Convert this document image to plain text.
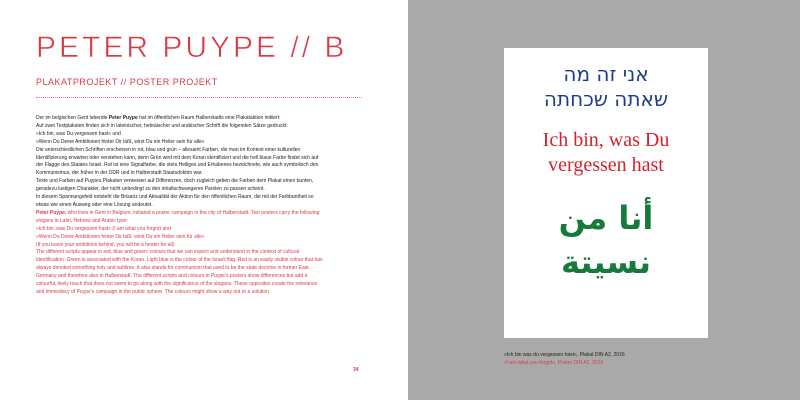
PETER PUYPE // B
PLAKATPROJEKT // POSTER PROJEKT

Der im belgischen Gent lebende Peter Puype hat im öffentlichen Raum Halberstadts eine Plakataktion initiiert:

Auf zwei Textplakaten finden sich in lateinischer, hebräischer und arabischer Schrift die folgenden Sätze gedruckt:

»Ich bin, was Du vergessen hast« und

»Wenn Du Deine Ambitionen hinter Dir läßt, wirst Du ein Heiler sein für alle«

Die unterschiedlichen Schriften erscheinen in rot, blau und grün – allesamt Farben, die man im Kontext einer kulturellen

Identifizierung erwarten oder verstehen kann, denn Grün wird mit dem Koran identifiziert und die hell blaue Farbe findet sich auf

der Flagge des Staates Israel. Rot ist eine Signalfarbe, die stets Heiliges und Erhabenes bezeichnete, wie auch symbolisch den

Kommunismus, der früher in der DDR und in Halberstadt Staatsdoktrin war.

Texte und Farben auf Puypes Plakaten verweisen auf Differenzen, doch zugleich geben die Farben dem Plakat einen bunten,

geradezu lustigen Charakter, der nicht unbedingt zu den inhaltschwangeren Parolen zu passen scheint.

In diesem Spannungsfeld entsteht die Brisanz und Aktualität der Aktion für den öffentlichen Raum, die mit der Farbbuntheit so

etwas wie einen Ausweg oder eine Lösung andeutet.

Peter Puype, who lives in Gent in Belgium, initiated a poster campaign in the city of Halberstadt. Two posters carry the following

slogans in Latin, Hebrew and Arabic type:

»Ich bin, was Du vergessen hast« (I am what you forgot) and

»Wenn Du Deine Ambitionen hinter Dir läßt, wirst Du ein Heiler sein für alle«

(If you leave your ambitions behind, you will be a healer for all)

The different scripts appear in red, blue and green: colours that we can expect and understand in the context of cultural

identification. Green is associated with the Koran. Light blue is the colour of the Israeli flag. Red is an easily visible colour that has

always denoted something holy and sublime. It also stands for communism that used to be the state doctrine in former East

Germany and therefore also in Halberstadt. The different scripts and colours in Puype's posters show differences but add a

colourful, lively touch that does not seem to go along with the significance of the slogans. These opposites create the relevance

and immediacy of Puype's campaign in the public sphere. The colours might show a way out or a solution.

34
אני זה מה
שאתה שכחתה
Ich bin, was Du
vergessen hast
أنا من
نسيتة
»Ich bin was du vergessen hast«, Plakat DIN A2, 2016
»I am what you forgot«, Poster DIN A2, 2016
